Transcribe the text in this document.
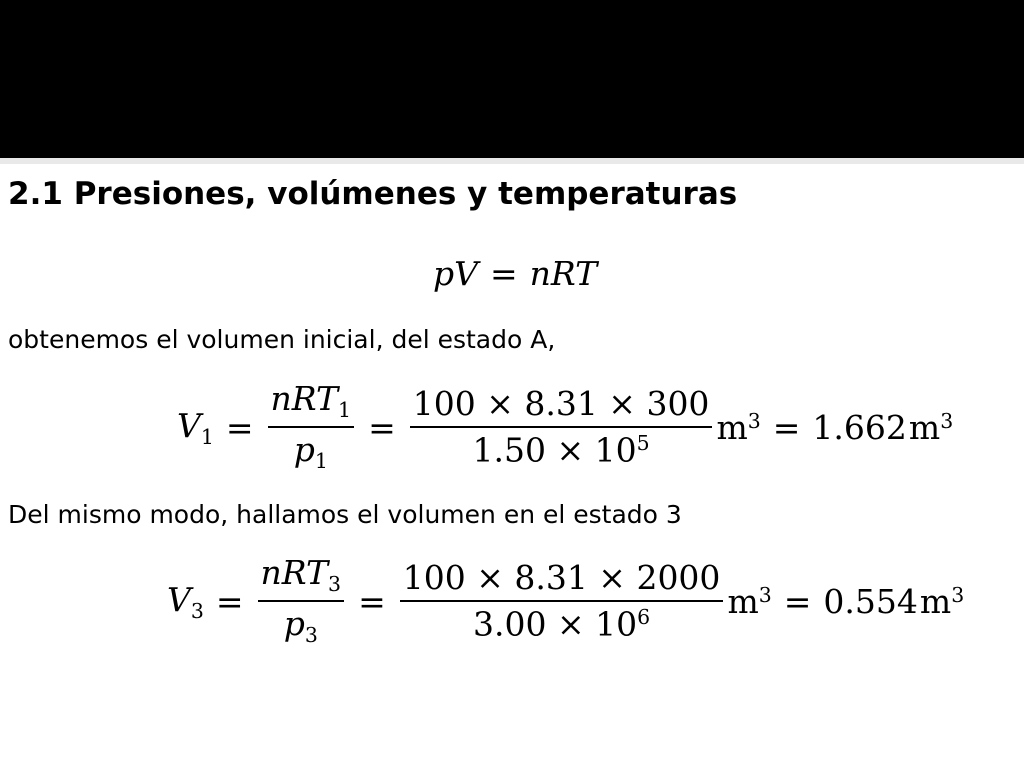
2.1 Presiones, volúmenes y temperaturas
pV = nRT
obtenemos el volumen inicial, del estado A,
$V_1 = \frac{nRT_1}{p_1} = \frac{100 \times 8.31 \times 300}{1.50 \times 10^5} m^3 = 1.662$ $m^3$
Del mismo modo, hallamos el volumen en el estado 3
$V_3 = \frac{nRT_3}{p_3} = \frac{100 \times 8.31 \times 2000}{3.00 \times 10^6} m^3 = 0.554$ $m^3$
